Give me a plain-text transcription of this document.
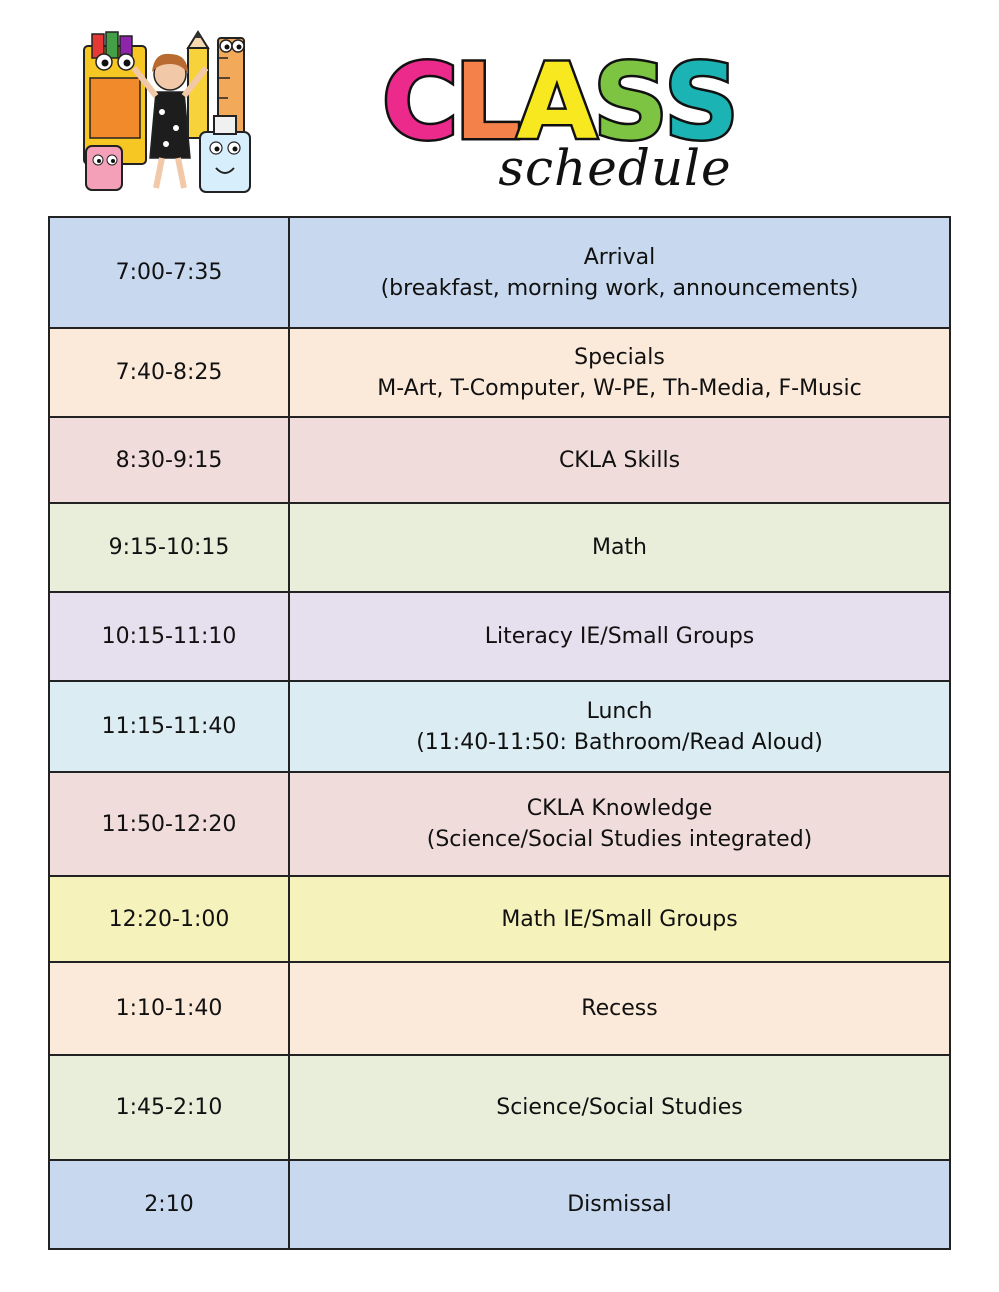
C L A S S
schedule
7:00-7:35	Arrival
(breakfast, morning work, announcements)

7:40-8:25	Specials
M-Art, T-Computer, W-PE, Th-Media, F-Music

8:30-9:15	CKLA Skills

9:15-10:15	Math

10:15-11:10	Literacy IE/Small Groups

11:15-11:40	Lunch
(11:40-11:50: Bathroom/Read Aloud)

11:50-12:20	CKLA Knowledge
(Science/Social Studies integrated)

12:20-1:00	Math IE/Small Groups

1:10-1:40	Recess

1:45-2:10	Science/Social Studies

2:10	Dismissal
